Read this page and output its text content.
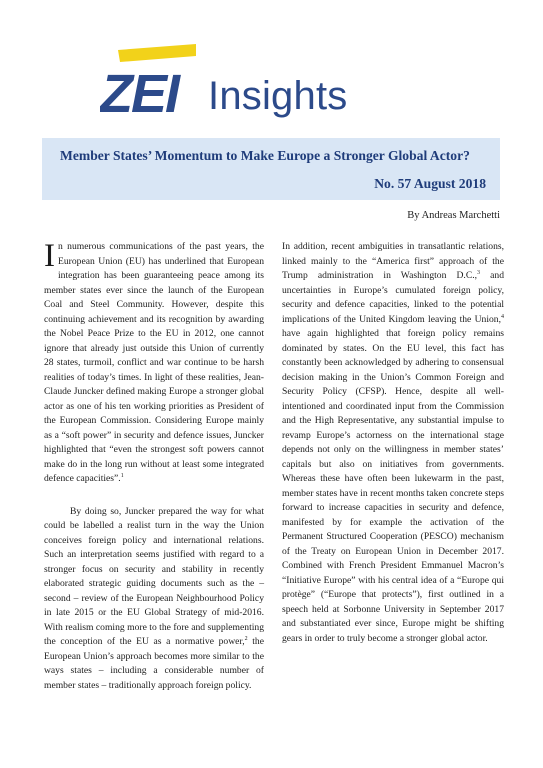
ZEI Insights
Member States’ Momentum to Make Europe a Stronger Global Actor?
No. 57 August 2018
By Andreas Marchetti

In numerous communications of the past years, the European Union (EU) has underlined that European integration has been guaranteeing peace among its member states ever since the launch of the European Coal and Steel Community. However, despite this continuing achievement and its recognition by awarding the Nobel Peace Prize to the EU in 2012, one cannot ignore that already just outside this Union of currently 28 states, turmoil, conflict and war continue to be harsh realities of today’s times. In light of these realities, Jean-Claude Juncker defined making Europe a stronger global actor as one of his ten working priorities as President of the European Commission. Considering Europe mainly as a “soft power” in security and defence issues, Juncker highlighted that “even the strongest soft powers cannot make do in the long run without at least some integrated defence capacities”.$^1$

By doing so, Juncker prepared the way for what could be labelled a realist turn in the way the Union conceives foreign policy and international relations. Such an interpretation seems justified with regard to a stronger focus on security and stability in recently elaborated strategic guiding documents such as the – second – review of the European Neighbourhood Policy in late 2015 or the EU Global Strategy of mid-2016. With realism coming more to the fore and supplementing the conception of the EU as a normative power,$^2$ the European Union’s approach becomes more similar to the ways states – including a considerable number of member states – traditionally approach foreign policy.

In addition, recent ambiguities in transatlantic relations, linked mainly to the “America first” approach of the Trump administration in Washington D.C.,$^3$ and uncertainties in Europe’s cumulated foreign policy, security and defence capacities, linked to the potential implications of the United Kingdom leaving the Union,$^4$ have again highlighted that foreign policy remains dominated by states. On the EU level, this fact has constantly been acknowledged by adhering to consensual decision making in the Union’s Common Foreign and Security Policy (CFSP). Hence, despite all well-intentioned and coordinated input from the Commission and the High Representative, any substantial impulse to revamp Europe’s actorness on the international stage depends not only on the willingness in member states’ capitals but also on initiatives from governments. Whereas these have often been lukewarm in the past, member states have in recent months taken concrete steps forward to increase capacities in security and defence, manifested by for example the activation of the Permanent Structured Cooperation (PESCO) mechanism of the Treaty on European Union in December 2017. Combined with French President Emmanuel Macron’s “Initiative Europe” with his central idea of a “Europe qui protège” (“Europe that protects”), first outlined in a speech held at Sorbonne University in September 2017 and substantiated ever since, Europe might be shifting gears in order to truly become a stronger global actor.
